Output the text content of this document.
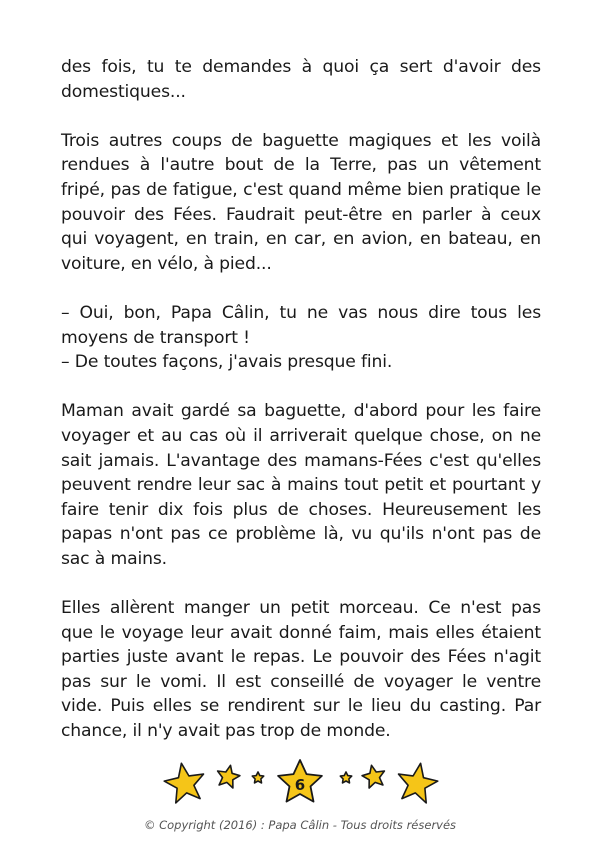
des fois, tu te demandes à quoi ça sert d'avoir des domestiques...

Trois autres coups de baguette magiques et les voilà rendues à l'autre bout de la Terre, pas un vêtement fripé, pas de fatigue, c'est quand même bien pratique le pouvoir des Fées. Faudrait peut-être en parler à ceux qui voyagent, en train, en car, en avion, en bateau, en voiture, en vélo, à pied...

– Oui, bon, Papa Câlin, tu ne vas nous dire tous les moyens de transport !

– De toutes façons, j'avais presque fini.

Maman avait gardé sa baguette, d'abord pour les faire voyager et au cas où il arriverait quelque chose, on ne sait jamais. L'avantage des mamans-Fées c'est qu'elles peuvent rendre leur sac à mains tout petit et pourtant y faire tenir dix fois plus de choses. Heureusement les papas n'ont pas ce problème là, vu qu'ils n'ont pas de sac à mains.

Elles allèrent manger un petit morceau. Ce n'est pas que le voyage leur avait donné faim, mais elles étaient parties juste avant le repas. Le pouvoir des Fées n'agit pas sur le vomi. Il est conseillé de voyager le ventre vide. Puis elles se rendirent sur le lieu du casting. Par chance, il n'y avait pas trop de monde.

6
© Copyright (2016) : Papa Câlin - Tous droits réservés
